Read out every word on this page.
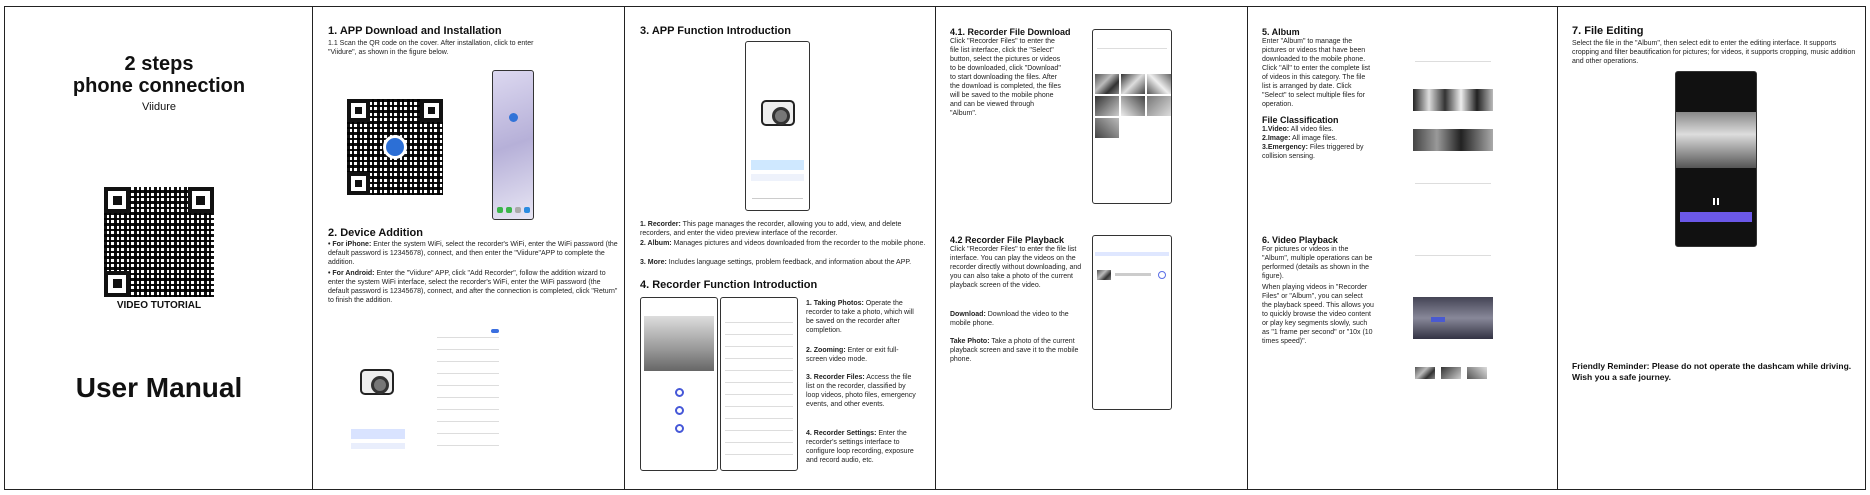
2 steps
phone connection
Viidure
VIDEO TUTORIAL
User Manual
1. APP Download and Installation
1.1 Scan the QR code on the cover. After installation, click to enter "Viidure", as shown in the figure below.
2. Device Addition
• For iPhone: Enter the system WiFi, select the recorder's WiFi, enter the WiFi password (the default password is 12345678), connect, and then enter the "Viidure"APP to complete the addition.
• For Android: Enter the "Viidure" APP, click "Add Recorder", follow the addition wizard to enter the system WiFi interface, select the recorder's WiFi, enter the WiFi password (the default password is 12345678), connect, and after the connection is completed, click "Return" to finish the addition.
3. APP Function Introduction
1. Recorder: This page manages the recorder, allowing you to add, view, and delete recorders, and enter the video preview interface of the recorder.
2. Album: Manages pictures and videos downloaded from the recorder to the mobile phone.
3. More: Includes language settings, problem feedback, and information about the APP.
4. Recorder Function Introduction
1. Taking Photos: Operate the recorder to take a photo, which will be saved on the recorder after completion.
2. Zooming: Enter or exit full-screen video mode.
3. Recorder Files: Access the file list on the recorder, classified by loop videos, photo files, emergency events, and other events.
4. Recorder Settings: Enter the recorder's settings interface to configure loop recording, exposure and record audio, etc.
4.1. Recorder File Download
Click "Recorder Files" to enter the file list interface, click the "Select" button, select the pictures or videos to be downloaded, click "Download" to start downloading the files. After the download is completed, the files will be saved to the mobile phone and can be viewed through "Album".
4.2 Recorder File Playback
Click "Recorder Files" to enter the file list interface. You can play the videos on the recorder directly without downloading, and you can also take a photo of the current playback screen of the video.
Download: Download the video to the mobile phone.
Take Photo: Take a photo of the current playback screen and save it to the mobile phone.
5. Album
Enter "Album" to manage the pictures or videos that have been downloaded to the mobile phone. Click "All" to enter the complete list of videos in this category. The file list is arranged by date. Click "Select" to select multiple files for operation.
File Classification
1.Video: All video files.
2.Image: All image files.
3.Emergency: Files triggered by collision sensing.
6. Video Playback
For pictures or videos in the "Album", multiple operations can be performed (details as shown in the figure).
When playing videos in "Recorder Files" or "Album", you can select the playback speed. This allows you to quickly browse the video content or play key segments slowly, such as "1 frame per second" or "10x (10 times speed)".
7. File Editing
Select the file in the "Album", then select edit to enter the editing interface. It supports cropping and filter beautification for pictures; for videos, it supports cropping, music addition and other operations.
Friendly Reminder: Please do not operate the dashcam while driving. Wish you a safe journey.
